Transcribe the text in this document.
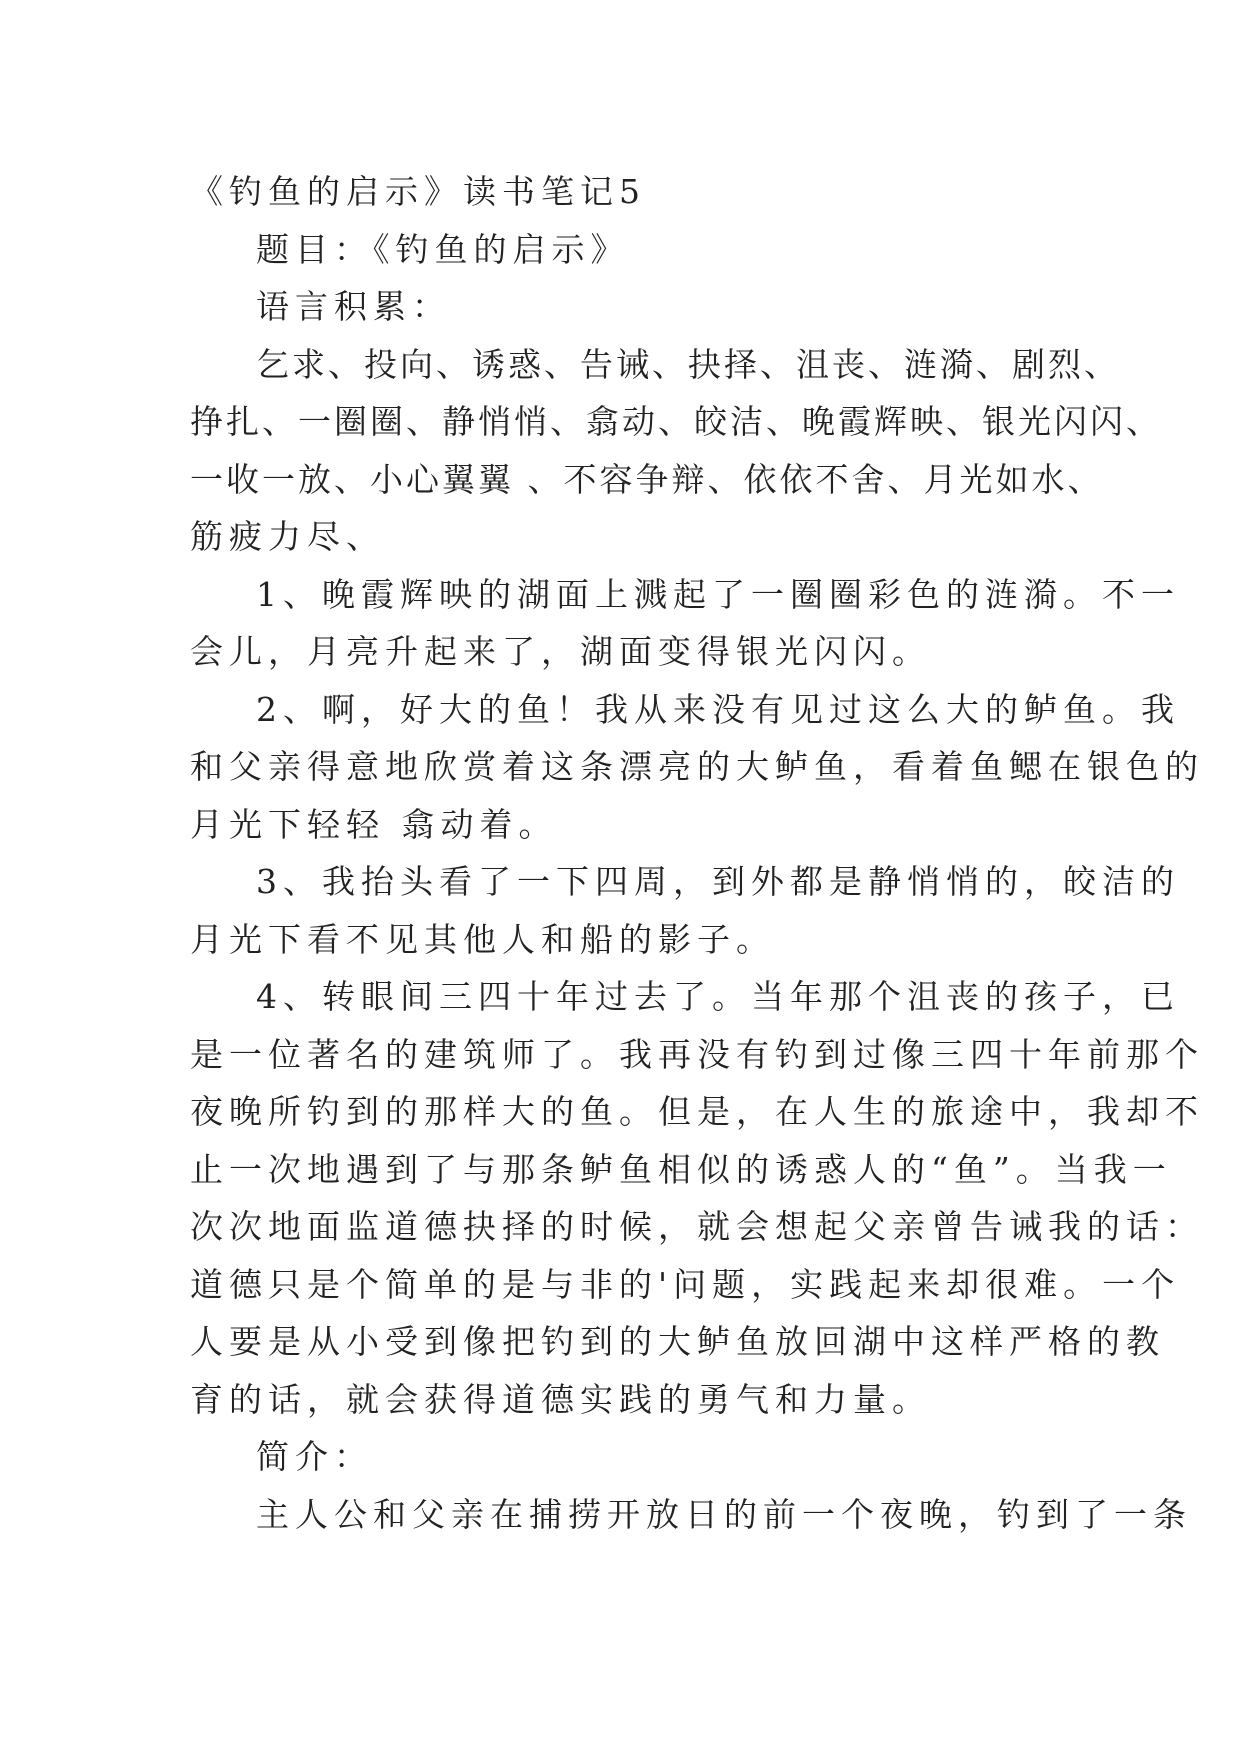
《钓鱼的启示》读书笔记5
题目：《钓鱼的启示》
语言积累：
乞求、投向、诱惑、告诫、抉择、沮丧、涟漪、剧烈、
挣扎、一圈圈、静悄悄、翕动、皎洁、晚霞辉映、银光闪闪、
一收一放、小心翼翼 、不容争辩、依依不舍、月光如水、
筋疲力尽、
1、晚霞辉映的湖面上溅起了一圈圈彩色的涟漪。不一
会儿，月亮升起来了，湖面变得银光闪闪。
2、啊，好大的鱼！我从来没有见过这么大的鲈鱼。我
和父亲得意地欣赏着这条漂亮的大鲈鱼，看着鱼鳃在银色的
月光下轻轻 翕动着。
3、我抬头看了一下四周，到外都是静悄悄的，皎洁的
月光下看不见其他人和船的影子。
4、转眼间三四十年过去了。当年那个沮丧的孩子，已
是一位著名的建筑师了。我再没有钓到过像三四十年前那个
夜晚所钓到的那样大的鱼。但是，在人生的旅途中，我却不
止一次地遇到了与那条鲈鱼相似的诱惑人的“鱼”。当我一
次次地面监道德抉择的时候，就会想起父亲曾告诫我的话：
道德只是个简单的是与非的'问题，实践起来却很难。一个
人要是从小受到像把钓到的大鲈鱼放回湖中这样严格的教
育的话，就会获得道德实践的勇气和力量。
简介：
主人公和父亲在捕捞开放日的前一个夜晚，钓到了一条
